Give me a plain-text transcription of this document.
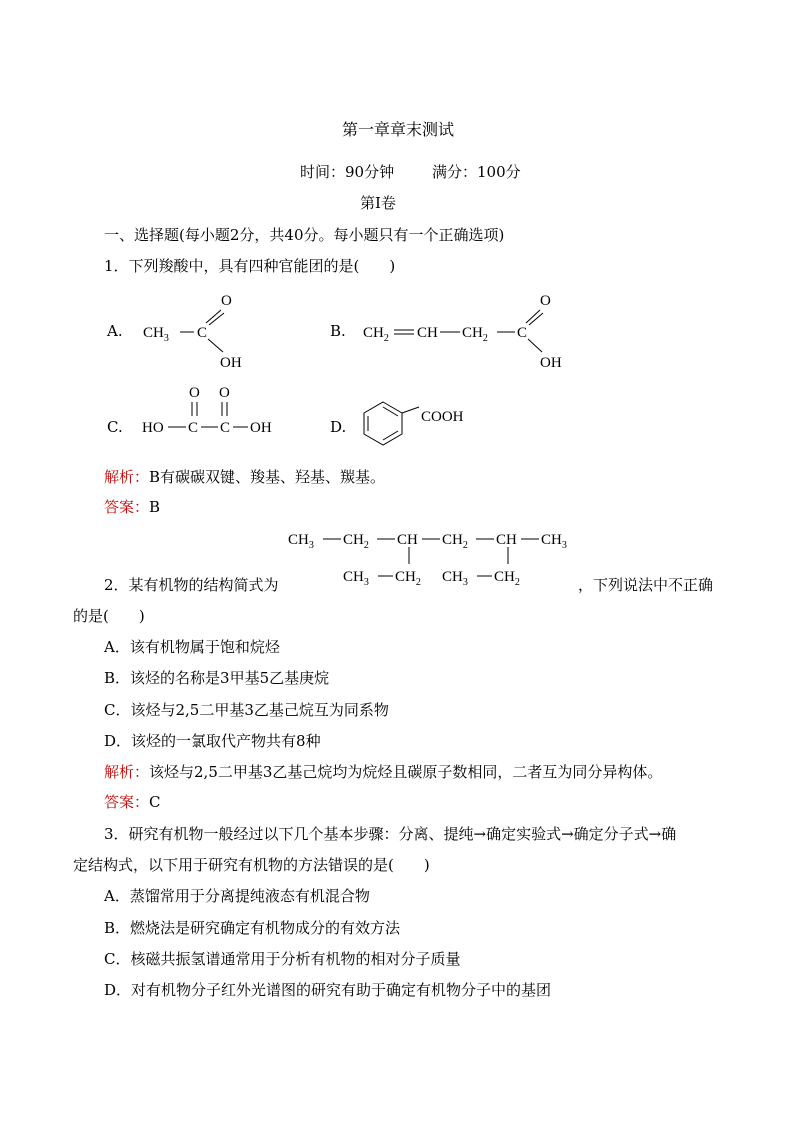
第一章章末测试
时间：90分钟	满分：100分
第Ⅰ卷
一、选择题(每小题2分，共40分。每小题只有一个正确选项)
1．下列羧酸中，具有四种官能团的是(　　)
A. $CH_3$ C
O
OH
B. $CH_2$ CH $CH_2$ C
O
OH
C. HO C
O
C
O
OH	D.
COOH
解析：B有碳碳双键、羧基、羟基、羰基。
答案：B
$CH_3$ $CH_2$ CH $CH_2$ CH $CH_3$
$CH_3$ $CH_2$ $CH_3$ $CH_2$
2．某有机物的结构简式为	，下列说法中不正确
的是(　　)
A．该有机物属于饱和烷烃
B．该烃的名称是3甲基5乙基庚烷
C．该烃与2,5二甲基3乙基己烷互为同系物
D．该烃的一氯取代产物共有8种
解析：该烃与2,5二甲基3乙基己烷均为烷烃且碳原子数相同，二者互为同分异构体。
答案：C
3．研究有机物一般经过以下几个基本步骤：分离、提纯→确定实验式→确定分子式→确
定结构式，以下用于研究有机物的方法错误的是(　　)
A．蒸馏常用于分离提纯液态有机混合物
B．燃烧法是研究确定有机物成分的有效方法
C．核磁共振氢谱通常用于分析有机物的相对分子质量
D．对有机物分子红外光谱图的研究有助于确定有机物分子中的基团
